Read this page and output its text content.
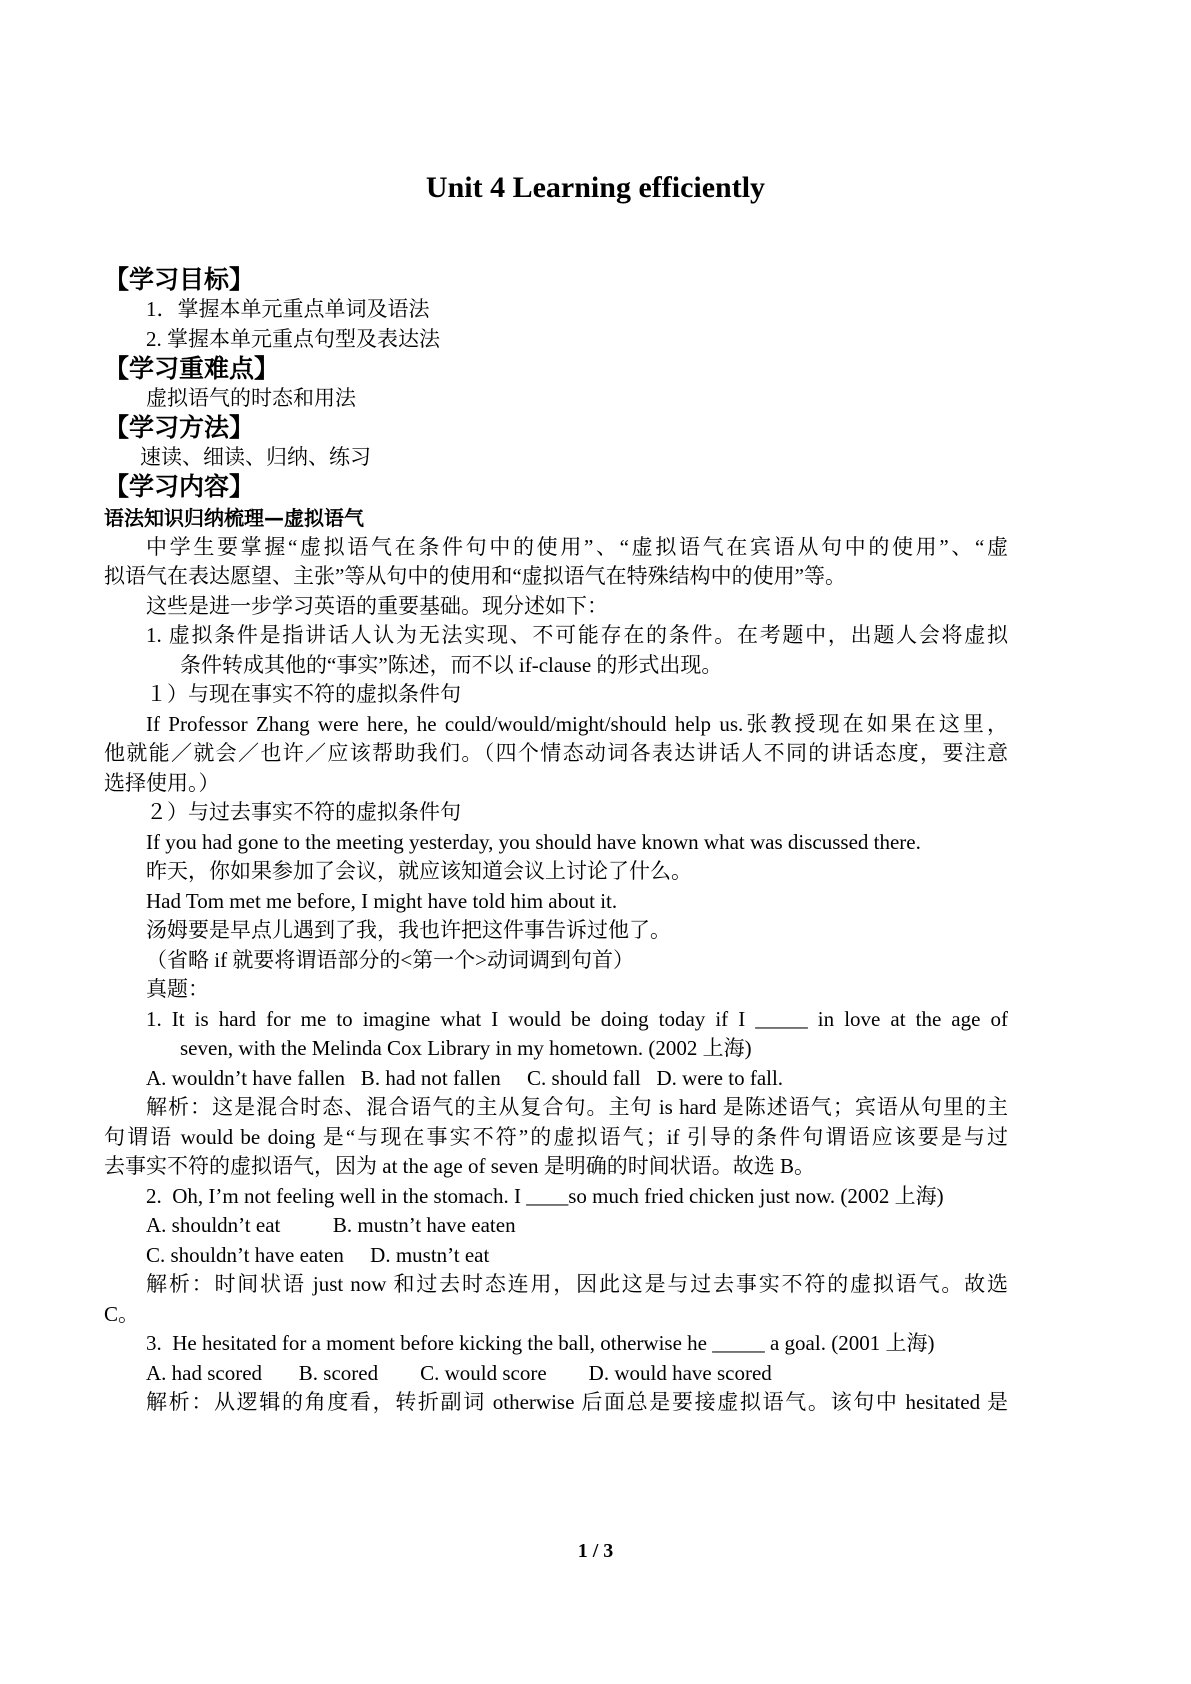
Unit 4 Learning efficiently
【学习目标】
1．掌握本单元重点单词及语法
2. 掌握本单元重点句型及表达法
【学习重难点】
虚拟语气的时态和用法
【学习方法】
速读、细读、归纳、练习
【学习内容】
语法知识归纳梳理—虚拟语气
中学生要掌握“虚拟语气在条件句中的使用”、“虚拟语气在宾语从句中的使用”、“虚
拟语气在表达愿望、主张”等从句中的使用和“虚拟语气在特殊结构中的使用”等。
这些是进一步学习英语的重要基础。现分述如下：
1. 虚拟条件是指讲话人认为无法实现、不可能存在的条件。在考题中，出题人会将虚拟
条件转成其他的“事实”陈述，而不以 if-clause 的形式出现。
１）与现在事实不符的虚拟条件句
If Professor Zhang were here, he could/would/might/should help us.张教授现在如果在这里，
他就能／就会／也许／应该帮助我们。（四个情态动词各表达讲话人不同的讲话态度，要注意
选择使用。）
２）与过去事实不符的虚拟条件句
If you had gone to the meeting yesterday, you should have known what was discussed there.
昨天，你如果参加了会议，就应该知道会议上讨论了什么。
Had Tom met me before, I might have told him about it.
汤姆要是早点儿遇到了我，我也许把这件事告诉过他了。
（省略 if 就要将谓语部分的<第一个>动词调到句首）
真题：
1. It is hard for me to imagine what I would be doing today if I _____ in love at the age of
seven, with the Melinda Cox Library in my hometown. (2002 上海)
A. wouldn’t have fallen   B. had not fallen     C. should fall   D. were to fall.
解析：这是混合时态、混合语气的主从复合句。主句 is hard 是陈述语气；宾语从句里的主
句谓语 would be doing 是“与现在事实不符”的虚拟语气；if 引导的条件句谓语应该要是与过
去事实不符的虚拟语气，因为 at the age of seven 是明确的时间状语。故选 B。
2.  Oh, I’m not feeling well in the stomach. I ____so much fried chicken just now. (2002 上海)
A. shouldn’t eat          B. mustn’t have eaten
C. shouldn’t have eaten     D. mustn’t eat
解析：时间状语 just now 和过去时态连用，因此这是与过去事实不符的虚拟语气。故选
C。
3.  He hesitated for a moment before kicking the ball, otherwise he _____ a goal. (2001 上海)
A. had scored       B. scored        C. would score        D. would have scored
解析：从逻辑的角度看，转折副词 otherwise 后面总是要接虚拟语气。该句中 hesitated 是
1 / 3
